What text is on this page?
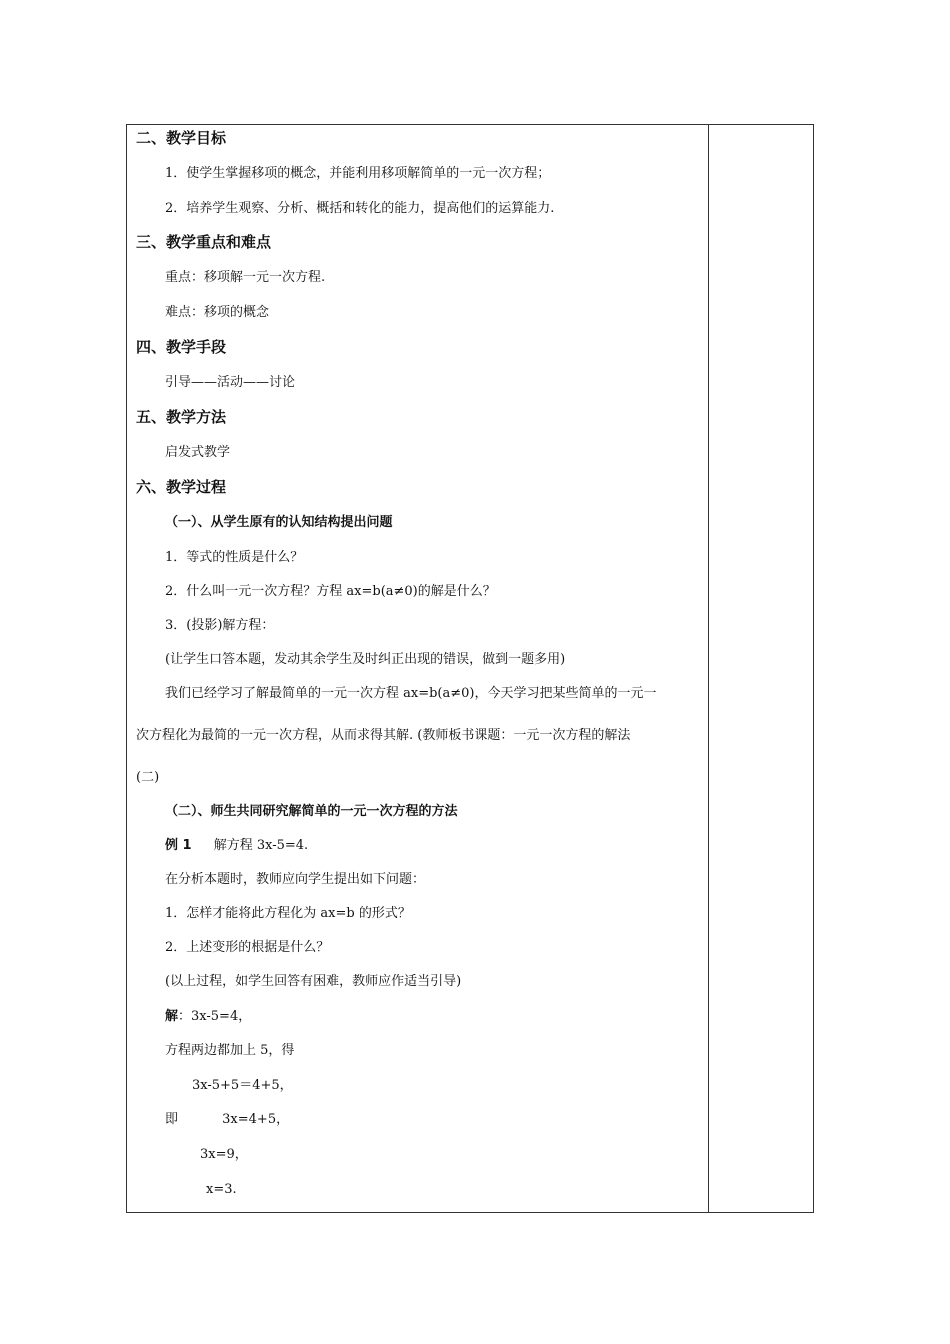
二、教学目标
1．使学生掌握移项的概念，并能利用移项解简单的一元一次方程；
2．培养学生观察、分析、概括和转化的能力，提高他们的运算能力.
三、教学重点和难点
重点：移项解一元一次方程.
难点：移项的概念
四、教学手段
引导——活动——讨论
五、教学方法
启发式教学
六、教学过程
（一）、从学生原有的认知结构提出问题
1．等式的性质是什么？
2．什么叫一元一次方程？方程 ax=b(a≠0)的解是什么？
3．(投影)解方程：
(让学生口答本题，发动其余学生及时纠正出现的错误，做到一题多用)
我们已经学习了解最简单的一元一次方程 ax=b(a≠0)，今天学习把某些简单的一元一
次方程化为最简的一元一次方程，从而求得其解. (教师板书课题：一元一次方程的解法
(二)
（二）、师生共同研究解简单的一元一次方程的方法
例 1 解方程 3x-5=4.
在分析本题时，教师应向学生提出如下问题：
1．怎样才能将此方程化为 ax=b 的形式？
2．上述变形的根据是什么？
(以上过程，如学生回答有困难，教师应作适当引导)
解：3x-5=4，
方程两边都加上 5，得
3x-5+5＝4+5，
即	3x=4+5，
3x=9，
x=3.
